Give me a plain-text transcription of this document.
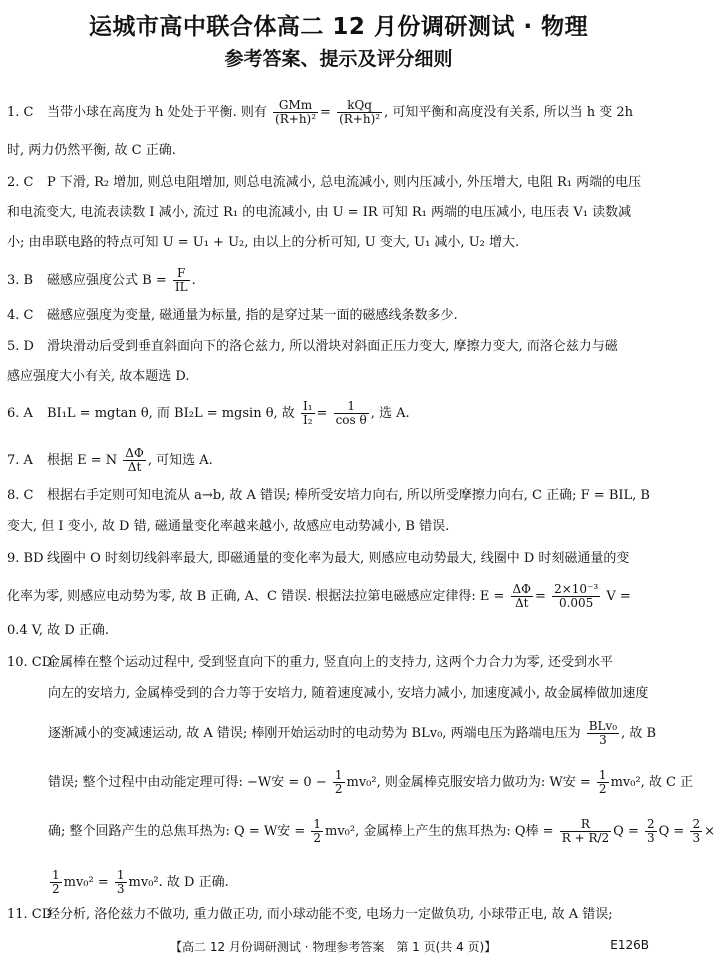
运城市高中联合体高二 12 月份调研测试 · 物理
参考答案、提示及评分细则
1. C 当带小球在高度为 h 处处于平衡. 则有 $\frac{\text{GMm}}{\text{(R+h)²}} = \frac{\text{kQq}}{\text{(R+h)²}}$ , 可知平衡和高度没有关系, 所以当 h 变 2h
时, 两力仍然平衡, 故 C 正确.
2. C P 下滑, R₂ 增加, 则总电阻增加, 则总电流减小, 总电流减小, 则内压减小, 外压增大, 电阻 R₁ 两端的电压
和电流变大, 电流表读数 I 减小, 流过 R₁ 的电流减小, 由 U = IR 可知 R₁ 两端的电压减小, 电压表 V₁ 读数减
小; 由串联电路的特点可知 U = U₁ + U₂, 由以上的分析可知, U 变大, U₁ 减小, U₂ 增大.
3. B 磁感应强度公式 $B = \frac{F}{IL}$ .
4. C 磁感应强度为变量, 磁通量为标量, 指的是穿过某一面的磁感线条数多少.
5. D 滑块滑动后受到垂直斜面向下的洛仑兹力, 所以滑块对斜面正压力变大, 摩擦力变大, 而洛仑兹力与磁
感应强度大小有关, 故本题选 D.
6. A BI₁L = mgtan θ, 而 BI₂L = mgsin θ, 故 $\frac{\text{I₁}}{\text{I₂}} = \frac{1}{\text{cos θ}}$ , 选 A.
7. A 根据 E = N $\frac{\Delta\Phi}{\Delta t}$ , 可知选 A.
8. C 根据右手定则可知电流从 a→b, 故 A 错误; 棒所受安培力向右, 所以所受摩擦力向右, C 正确; F = BIL, B
变大, 但 I 变小, 故 D 错, 磁通量变化率越来越小, 故感应电动势减小, B 错误.
9. BD 线圈中 O 时刻切线斜率最大, 即磁通量的变化率为最大, 则感应电动势最大, 线圈中 D 时刻磁通量的变
化率为零, 则感应电动势为零, 故 B 正确, A、C 错误. 根据法拉第电磁感应定律得: $E = \frac{\Delta\Phi}{\Delta t} = \frac{\text{2×10⁻³}}{0.005}$ V =
0.4 V, 故 D 正确.
10. CD金属棒在整个运动过程中, 受到竖直向下的重力, 竖直向上的支持力, 这两个力合力为零, 还受到水平
向左的安培力, 金属棒受到的合力等于安培力, 随着速度减小, 安培力减小, 加速度减小, 故金属棒做加速度
逐渐减小的变减速运动, 故 A 错误; 棒刚开始运动时的电动势为 BLv₀, 两端电压为路端电压为 $\frac{\text{BLv₀}}{3}$ , 故 B
错误; 整个过程中由动能定理可得: −W安 = $0 - \frac{1}{2} mv_0^2$, 则金属棒克服安培力做功为: W安 = $\frac{1}{2} mv_0^2$, 故 C 正
确; 整个回路产生的总焦耳热为: Q = W安 = $\frac{1}{2} mv_0^2$, 金属棒上产生的焦耳热为: Q棒 = $\frac{R}{R + R/2}$ $Q = \frac{2}{3}$ $Q = \frac{2}{3}$ ×
$\frac{1}{2} mv_0^2 = \frac{1}{3} mv_0^2$. 故 D 正确.
11. CD经分析, 洛伦兹力不做功, 重力做正功, 而小球动能不变, 电场力一定做负功, 小球带正电, 故 A 错误;
【高二 12 月份调研测试 · 物理参考答案　第 1 页(共 4 页)】	E126B
